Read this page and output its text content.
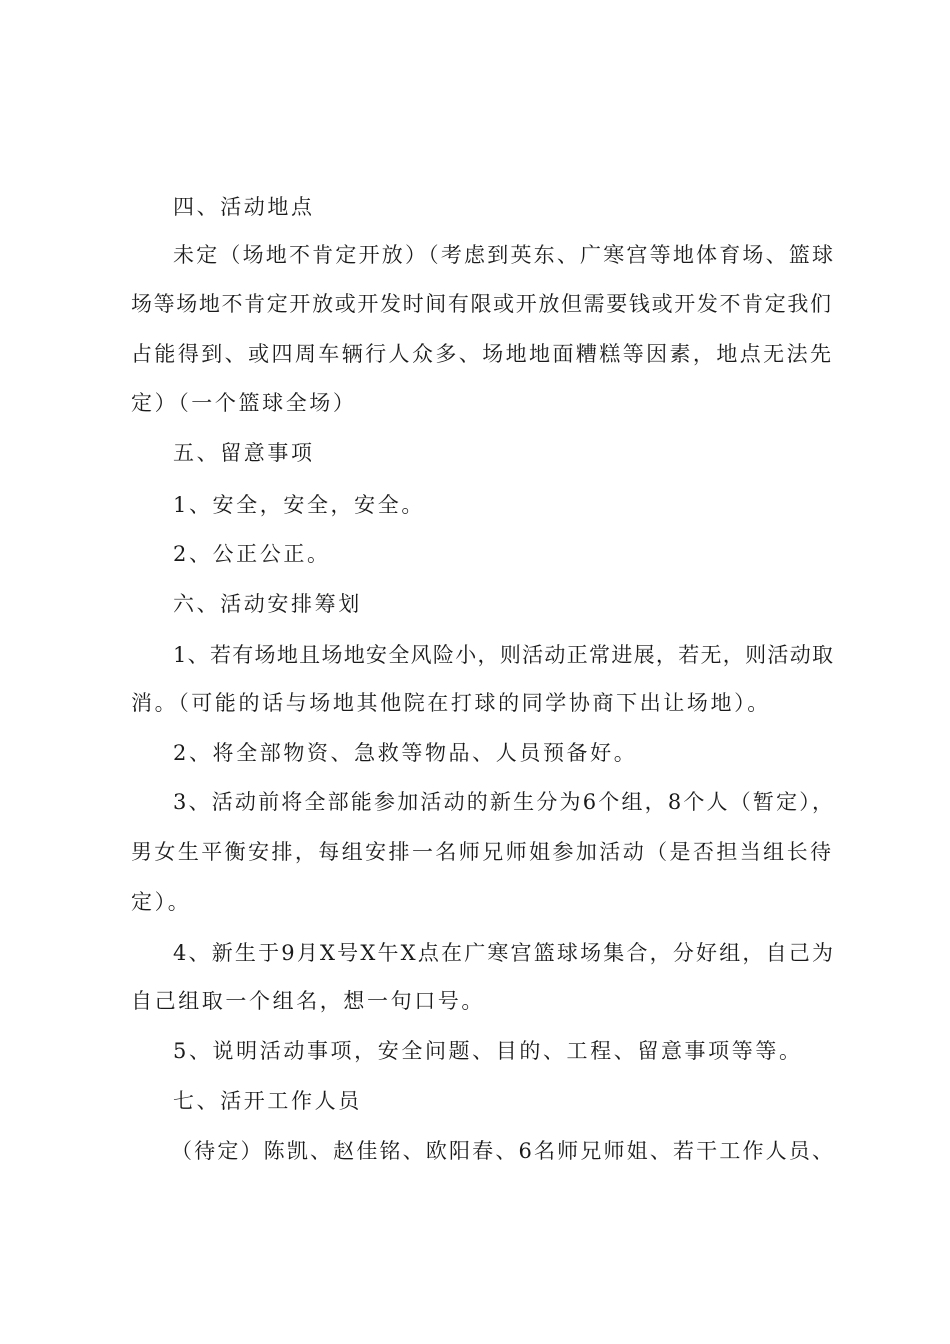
四、活动地点
未定（场地不肯定开放）（考虑到英东、广寒宫等地体育场、篮球
场等场地不肯定开放或开发时间有限或开放但需要钱或开发不肯定我们
占能得到、或四周车辆行人众多、场地地面糟糕等因素，地点无法先
定）（一个篮球全场）
五、留意事项
1、安全，安全，安全。
2、公正公正。
六、活动安排筹划
1、若有场地且场地安全风险小，则活动正常进展，若无，则活动取
消。（可能的话与场地其他院在打球的同学协商下出让场地）。
2、将全部物资、急救等物品、人员预备好。
3、活动前将全部能参加活动的新生分为6个组，8个人（暂定），
男女生平衡安排，每组安排一名师兄师姐参加活动（是否担当组长待
定）。
4、新生于9月X号X午X点在广寒宫篮球场集合，分好组，自己为
自己组取一个组名，想一句口号。
5、说明活动事项，安全问题、目的、工程、留意事项等等。
七、活开工作人员
（待定）陈凯、赵佳铭、欧阳春、6名师兄师姐、若干工作人员、
